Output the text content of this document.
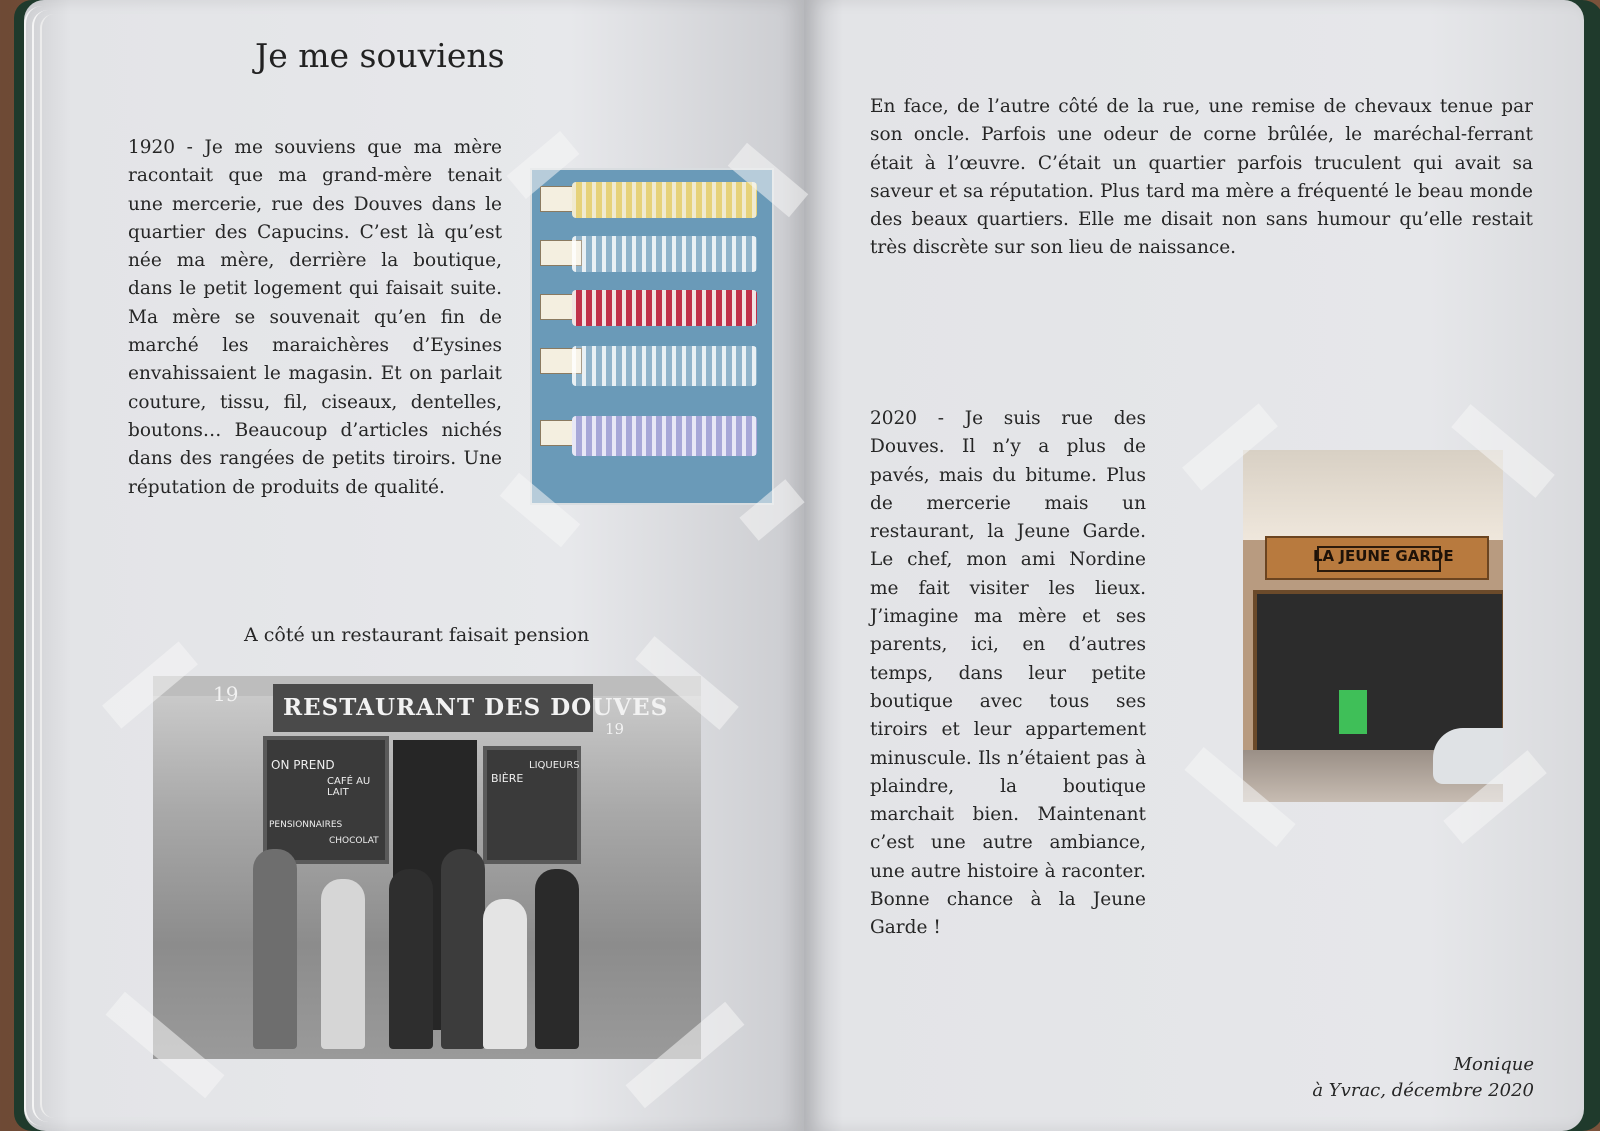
Je me souviens

1920 - Je me souviens que ma mère racontait que ma grand-mère tenait une mercerie, rue des Douves dans le quartier des Capucins. C’est là qu’est née ma mère, derrière la boutique, dans le petit logement qui faisait suite. Ma mère se souvenait qu’en fin de marché les maraichères d’Eysines envahissaient le magasin. Et on parlait couture, tissu, fil, ciseaux, dentelles, boutons… Beaucoup d’articles nichés dans des rangées de petits tiroirs. Une réputation de produits de qualité.

A côté un restaurant faisait pension

19 RESTAURANT DES DOUVES
19
ON PREND
CAFÉ AU LAIT
PENSIONNAIRES
CHOCOLAT
BIÈRE
LIQUEURS

En face, de l’autre côté de la rue, une remise de chevaux tenue par son oncle. Parfois une odeur de corne brûlée, le maréchal-ferrant était à l’œuvre. C’était un quartier parfois truculent qui avait sa saveur et sa réputation. Plus tard ma mère a fréquenté le beau monde des beaux quartiers. Elle me disait non sans humour qu’elle restait très discrète sur son lieu de naissance.

2020 - Je suis rue des Douves. Il n’y a plus de pavés, mais du bitume. Plus de mercerie mais un restaurant, la Jeune Garde. Le chef, mon ami Nordine me fait visiter les lieux. J’imagine ma mère et ses parents, ici, en d’autres temps, dans leur petite boutique avec tous ses tiroirs et leur appartement minuscule. Ils n’étaient pas à plaindre, la boutique marchait bien. Maintenant c’est une autre ambiance, une autre histoire à raconter. Bonne chance à la Jeune Garde !

LA JEUNE GARDE
Monique
à Yvrac, décembre 2020
